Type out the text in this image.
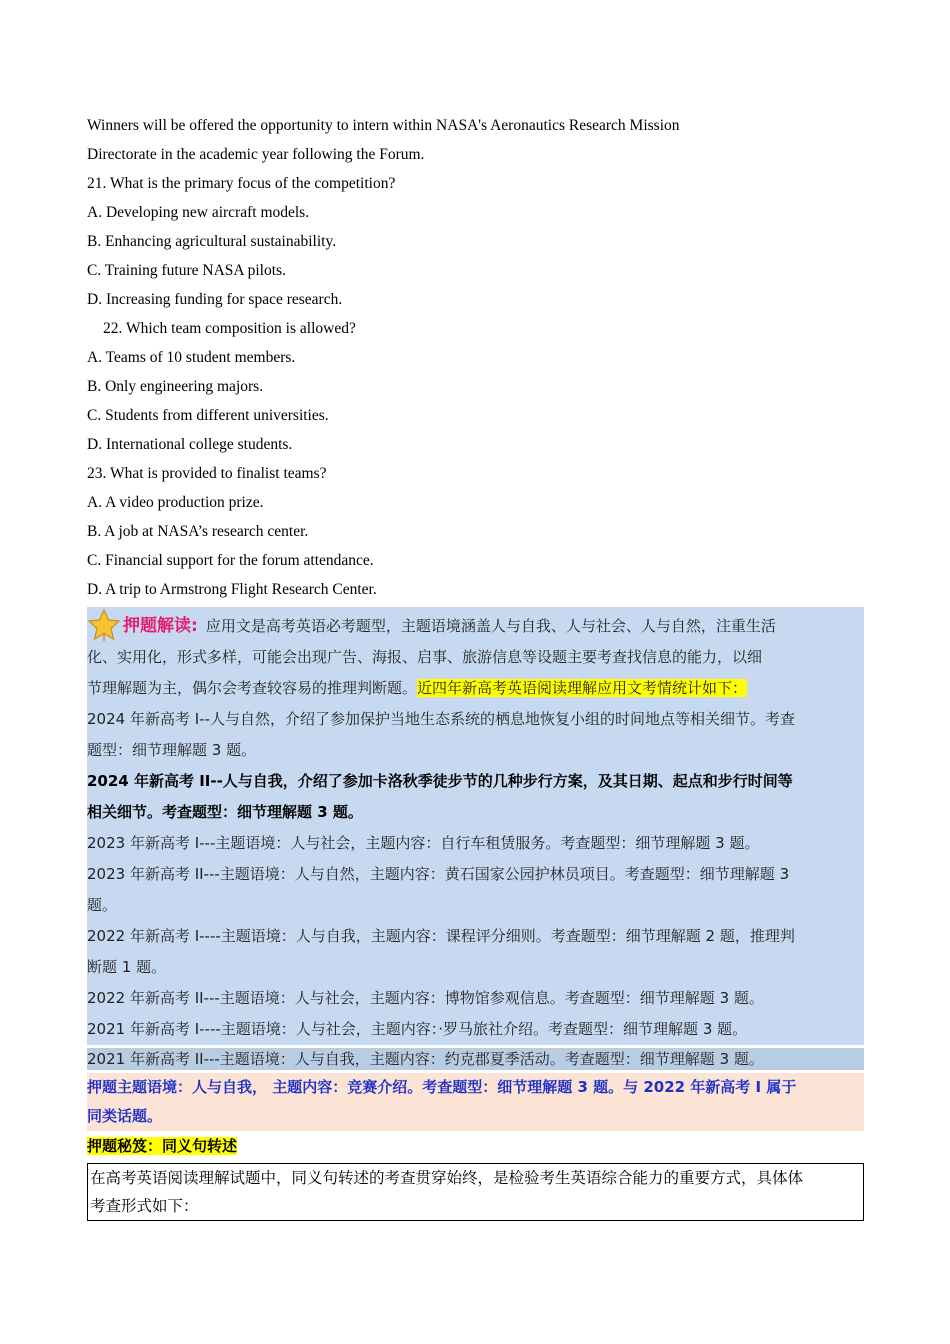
Winners will be offered the opportunity to intern within NASA's Aeronautics Research Mission
Directorate in the academic year following the Forum.
21. What is the primary focus of the competition?
A. Developing new aircraft models.
B. Enhancing agricultural sustainability.
C. Training future NASA pilots.
D. Increasing funding for space research.
22. Which team composition is allowed?
A. Teams of 10 student members.
B. Only engineering majors.
C. Students from different universities.
D. International college students.
23. What is provided to finalist teams?
A. A video production prize.
B. A job at NASA’s research center.
C. Financial support for the forum attendance.
D. A trip to Armstrong Flight Research Center.
押题解读: 应用文是高考英语必考题型，主题语境涵盖人与自我、人与社会、人与自然，注重生活
化、实用化，形式多样，可能会出现广告、海报、启事、旅游信息等设题主要考查找信息的能力，以细
节理解题为主，偶尔会考查较容易的推理判断题。近四年新高考英语阅读理解应用文考情统计如下：
2024 年新高考 I--人与自然，介绍了参加保护当地生态系统的栖息地恢复小组的时间地点等相关细节。考查
题型：细节理解题 3 题。
2024 年新高考 II--人与自我，介绍了参加卡洛秋季徒步节的几种步行方案，及其日期、起点和步行时间等
相关细节。考查题型：细节理解题 3 题。
2023 年新高考 I---主题语境：人与社会，主题内容：自行车租赁服务。考查题型：细节理解题 3 题。
2023 年新高考 II---主题语境：人与自然，主题内容：黄石国家公园护林员项目。考查题型：细节理解题 3
题。
2022 年新高考 I----主题语境：人与自我，主题内容：课程评分细则。考查题型：细节理解题 2 题，推理判
断题 1 题。
2022 年新高考 II---主题语境：人与社会，主题内容：博物馆参观信息。考查题型：细节理解题 3 题。
2021 年新高考 I----主题语境：人与社会，主题内容：·罗马旅社介绍。考查题型：细节理解题 3 题。
2021 年新高考 II---主题语境：人与自我，主题内容：约克郡夏季活动。考查题型：细节理解题 3 题。
押题主题语境：人与自我， 主题内容：竞赛介绍。考查题型：细节理解题 3 题。与 2022 年新高考 I 属于
同类话题。
押题秘笈：同义句转述
在高考英语阅读理解试题中，同义句转述的考查贯穿始终，是检验考生英语综合能力的重要方式，具体体
考查形式如下：
